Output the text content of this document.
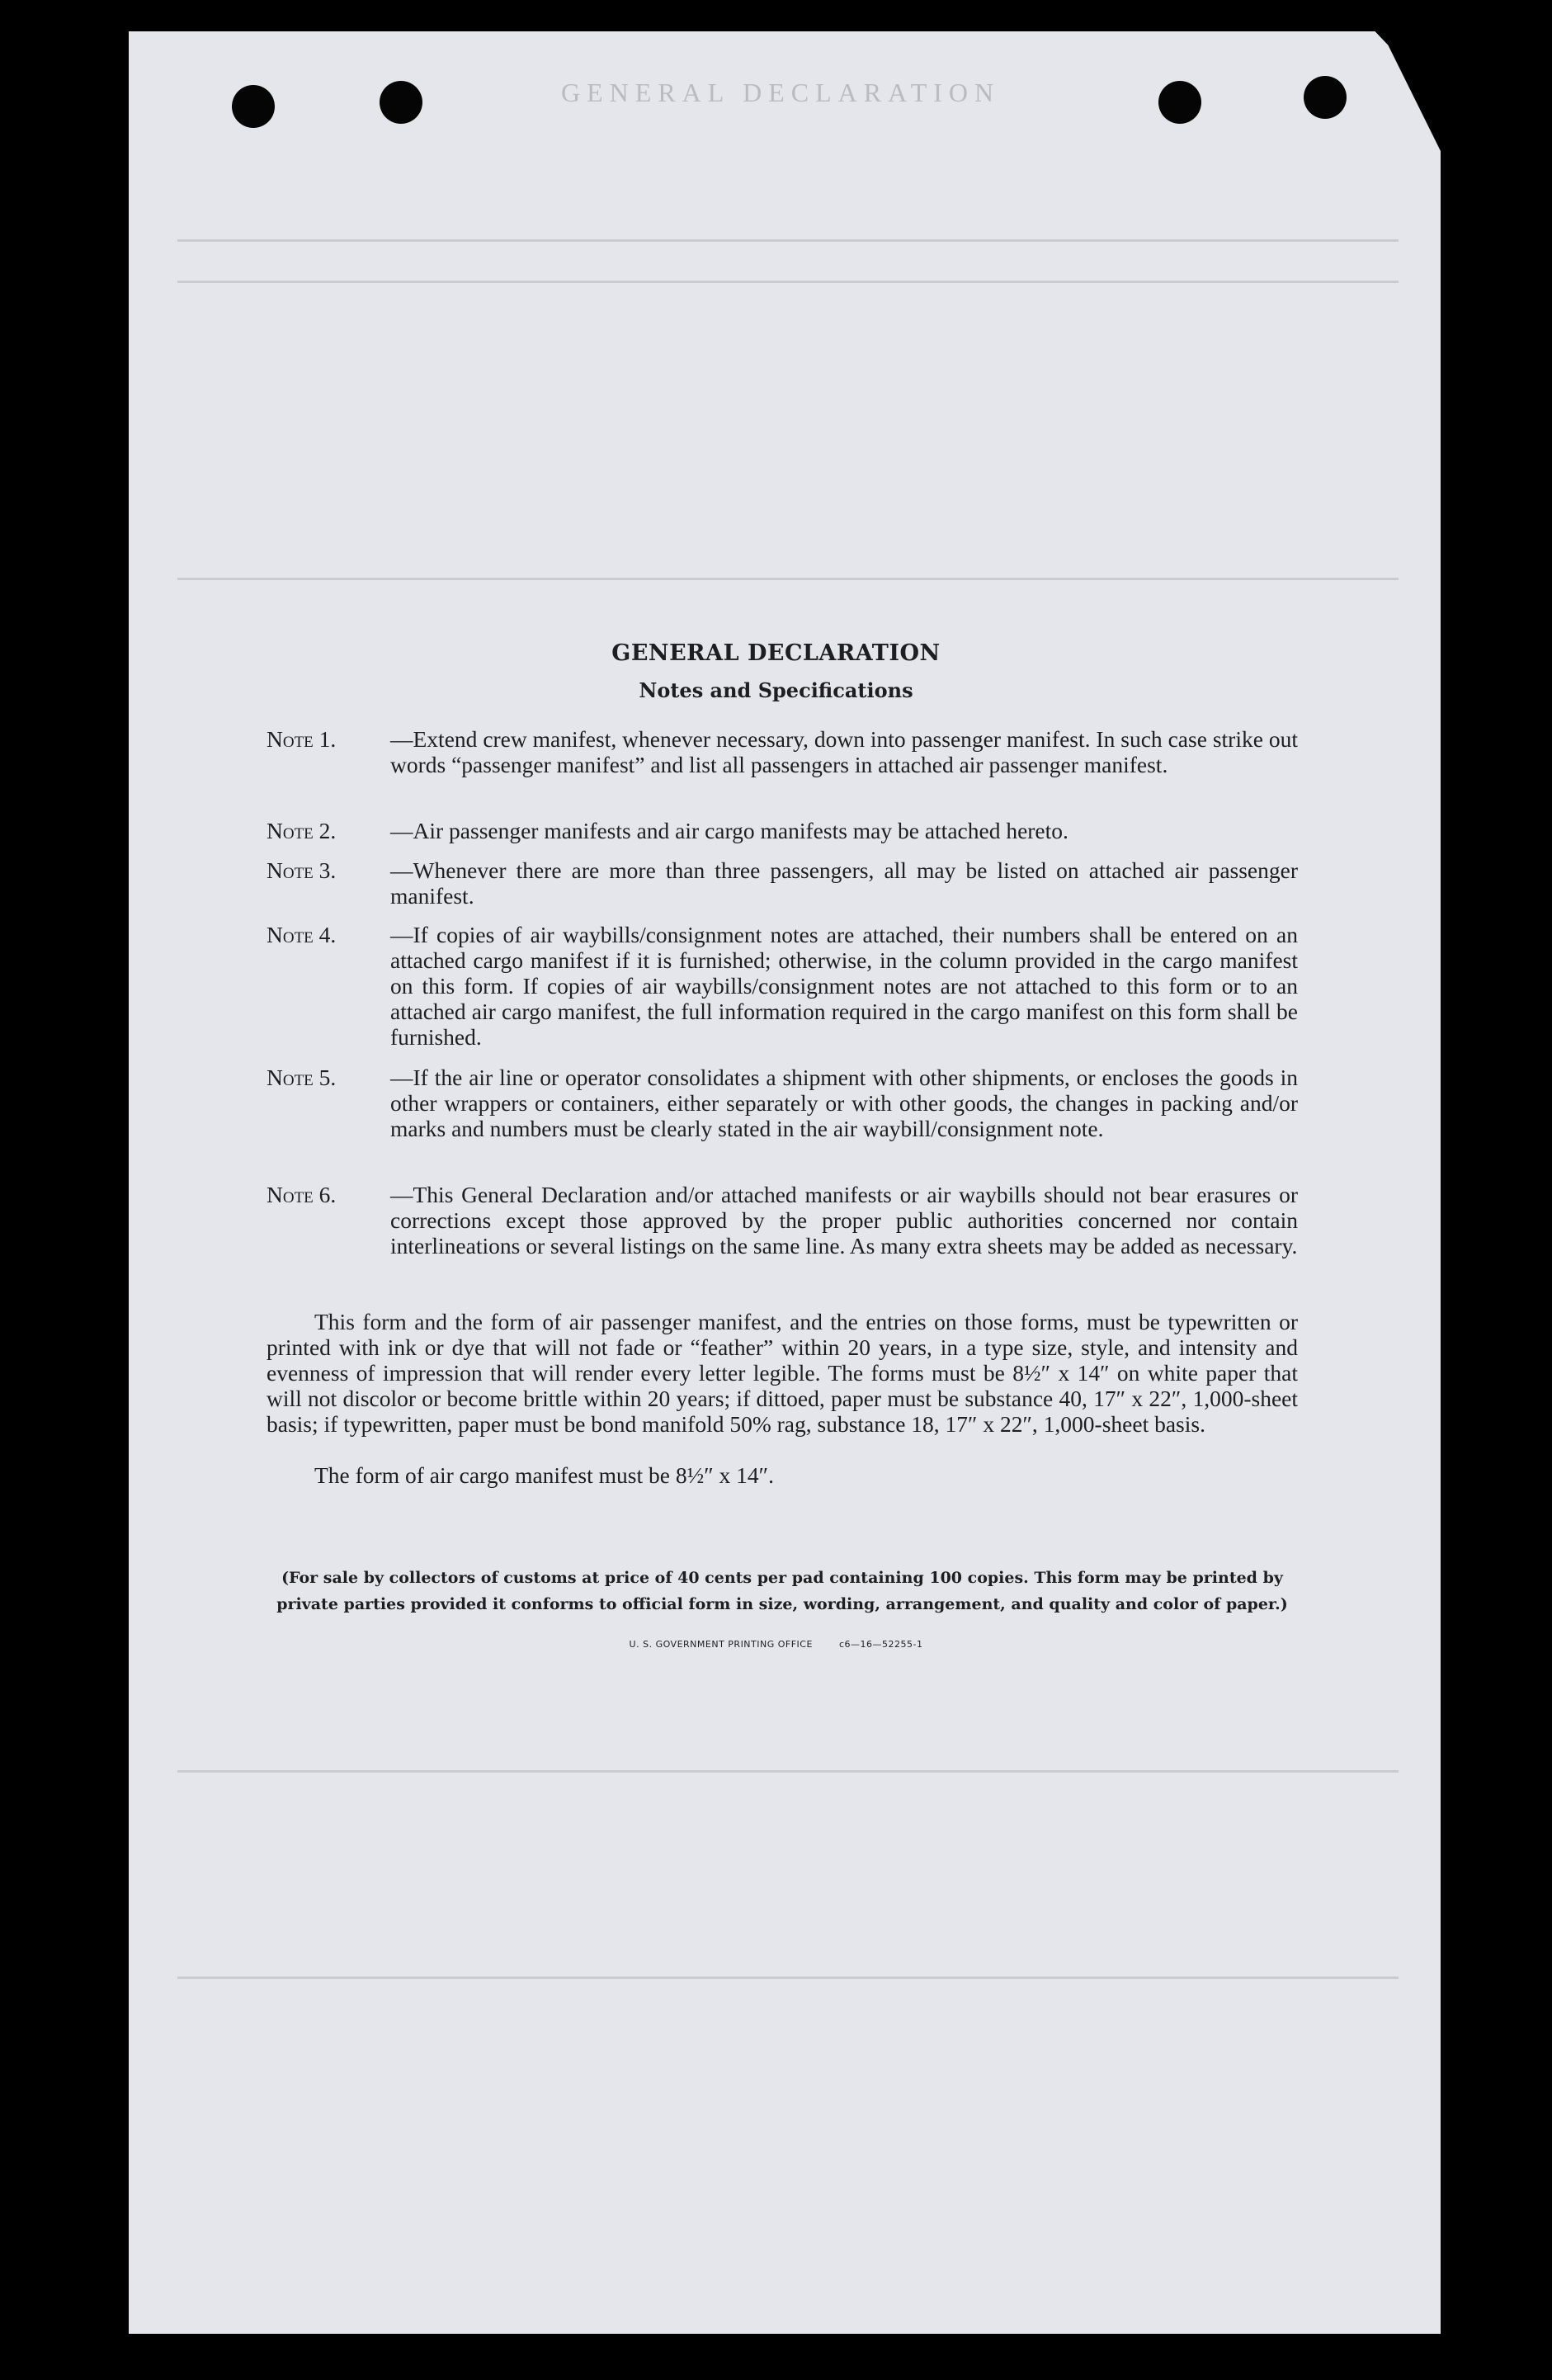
GENERAL DECLARATION
GENERAL DECLARATION
Notes and Specifications
Note 1.	—Extend crew manifest, whenever necessary, down into passenger manifest. In such case strike out words “passenger manifest” and list all passengers in attached air passenger manifest.
Note 2.	—Air passenger manifests and air cargo manifests may be attached hereto.
Note 3.	—Whenever there are more than three passengers, all may be listed on attached air passenger manifest.
Note 4.	—If copies of air waybills/consignment notes are attached, their numbers shall be entered on an attached cargo manifest if it is furnished; otherwise, in the column provided in the cargo manifest on this form. If copies of air waybills/consignment notes are not attached to this form or to an attached air cargo manifest, the full information required in the cargo manifest on this form shall be furnished.
Note 5.	—If the air line or operator consolidates a shipment with other shipments, or encloses the goods in other wrappers or containers, either separately or with other goods, the changes in packing and/or marks and numbers must be clearly stated in the air waybill/consignment note.
Note 6.	—This General Declaration and/or attached manifests or air waybills should not bear erasures or corrections except those approved by the proper public authorities concerned nor contain interlineations or several listings on the same line. As many extra sheets may be added as necessary.
This form and the form of air passenger manifest, and the entries on those forms, must be typewritten or printed with ink or dye that will not fade or “feather” within 20 years, in a type size, style, and intensity and evenness of impression that will render every letter legible. The forms must be 8½″ x 14″ on white paper that will not discolor or become brittle within 20 years; if dittoed, paper must be substance 40, 17″ x 22″, 1,000-sheet basis; if typewritten, paper must be bond manifold 50% rag, substance 18, 17″ x 22″, 1,000-sheet basis.
The form of air cargo manifest must be 8½″ x 14″.
(For sale by collectors of customs at price of 40 cents per pad containing 100 copies. This form may be printed by private parties provided it conforms to official form in size, wording, arrangement, and quality and color of paper.)
U. S. GOVERNMENT PRINTING OFFICE	c6—16—52255-1
